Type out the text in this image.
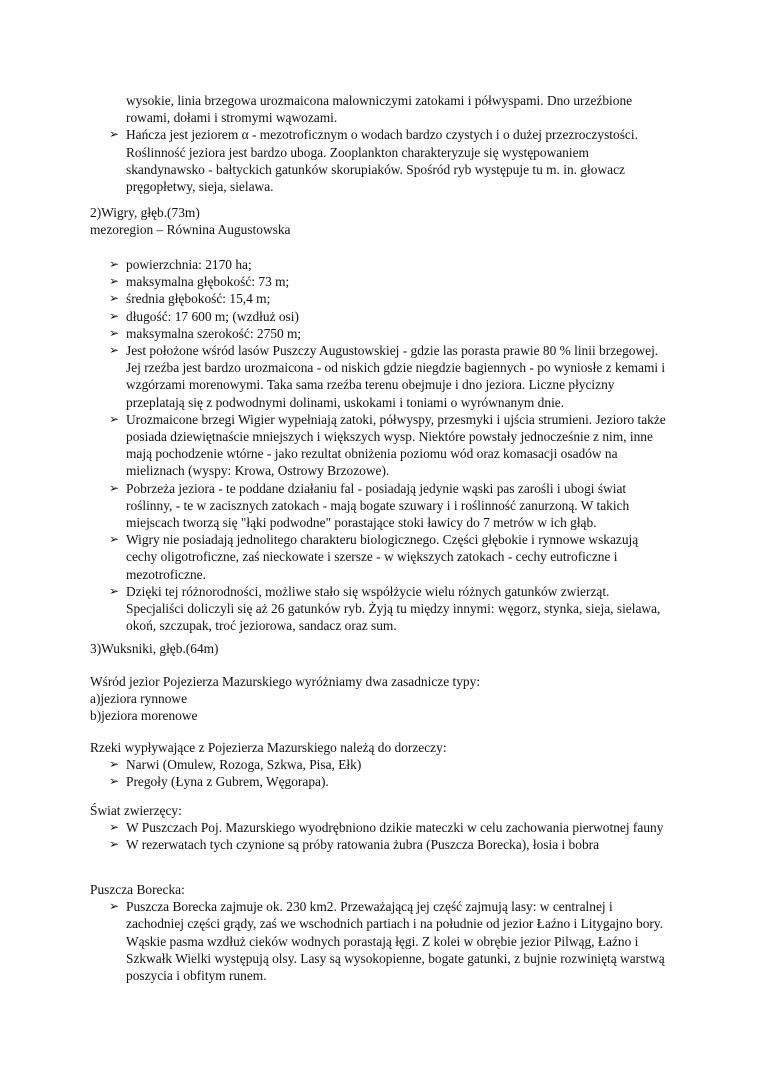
wysokie, linia brzegowa urozmaicona malowniczymi zatokami i półwyspami. Dno urzeźbione rowami, dołami i stromymi wąwozami.

➢ Hańcza jest jeziorem α - mezotroficznym o wodach bardzo czystych i o dużej przezroczystości. Roślinność jeziora jest bardzo uboga. Zooplankton charakteryzuje się występowaniem skandynawsko - bałtyckich gatunków skorupiaków. Spośród ryb występuje tu m. in. głowacz pręgopłetwy, sieja, sielawa.

2)Wigry, głęb.(73m)

mezoregion – Równina Augustowska

➢ powierzchnia: 2170 ha;

➢ maksymalna głębokość: 73 m;

➢ średnia głębokość: 15,4 m;

➢ długość: 17 600 m; (wzdłuż osi)

➢ maksymalna szerokość: 2750 m;

➢ Jest położone wśród lasów Puszczy Augustowskiej - gdzie las porasta prawie 80 % linii brzegowej. Jej rzeźba jest bardzo urozmaicona - od niskich gdzie niegdzie bagiennych - po wyniosłe z kemami i wzgórzami morenowymi. Taka sama rzeźba terenu obejmuje i dno jeziora. Liczne płycizny przeplatają się z podwodnymi dolinami, uskokami i toniami o wyrównanym dnie.

➢ Urozmaicone brzegi Wigier wypełniają zatoki, półwyspy, przesmyki i ujścia strumieni. Jezioro także posiada dziewiętnaście mniejszych i większych wysp. Niektóre powstały jednocześnie z nim, inne mają pochodzenie wtórne - jako rezultat obniżenia poziomu wód oraz komasacji osadów na mieliznach (wyspy: Krowa, Ostrowy Brzozowe).

➢ Pobrzeża jeziora - te poddane działaniu fal - posiadają jedynie wąski pas zarośli i ubogi świat roślinny, - te w zacisznych zatokach - mają bogate szuwary i i roślinność zanurzoną. W takich miejscach tworzą się "łąki podwodne" porastające stoki ławicy do 7 metrów w ich głąb.

➢ Wigry nie posiadają jednolitego charakteru biologicznego. Części głębokie i rynnowe wskazują cechy oligotroficzne, zaś nieckowate i szersze - w większych zatokach - cechy eutroficzne i mezotroficzne.

➢ Dzięki tej różnorodności, możliwe stało się współżycie wielu różnych gatunków zwierząt. Specjaliści doliczyli się aż 26 gatunków ryb. Żyją tu między innymi: węgorz, stynka, sieja, sielawa, okoń, szczupak, troć jeziorowa, sandacz oraz sum.

3)Wuksniki, głęb.(64m)

Wśród jezior Pojezierza Mazurskiego wyróżniamy dwa zasadnicze typy:

a)jeziora rynnowe

b)jeziora morenowe

Rzeki wypływające z Pojezierza Mazurskiego należą do dorzeczy:

➢ Narwi (Omulew, Rozoga, Szkwa, Pisa, Ełk)

➢ Pregoły (Łyna z Gubrem, Węgorapa).

Świat zwierzęcy:

➢ W Puszczach Poj. Mazurskiego wyodrębniono dzikie mateczki w celu zachowania pierwotnej fauny

➢ W rezerwatach tych czynione są próby ratowania żubra (Puszcza Borecka), łosia i bobra

Puszcza Borecka:

➢ Puszcza Borecka zajmuje ok. 230 km2. Przeważającą jej część zajmują lasy: w centralnej i zachodniej części grądy, zaś we wschodnich partiach i na południe od jezior Łaźno i Litygajno bory. Wąskie pasma wzdłuż cieków wodnych porastają łęgi. Z kolei w obrębie jezior Pilwąg, Łaźno i Szkwałk Wielki występują olsy. Lasy są wysokopienne, bogate gatunki, z bujnie rozwiniętą warstwą poszycia i obfitym runem.
